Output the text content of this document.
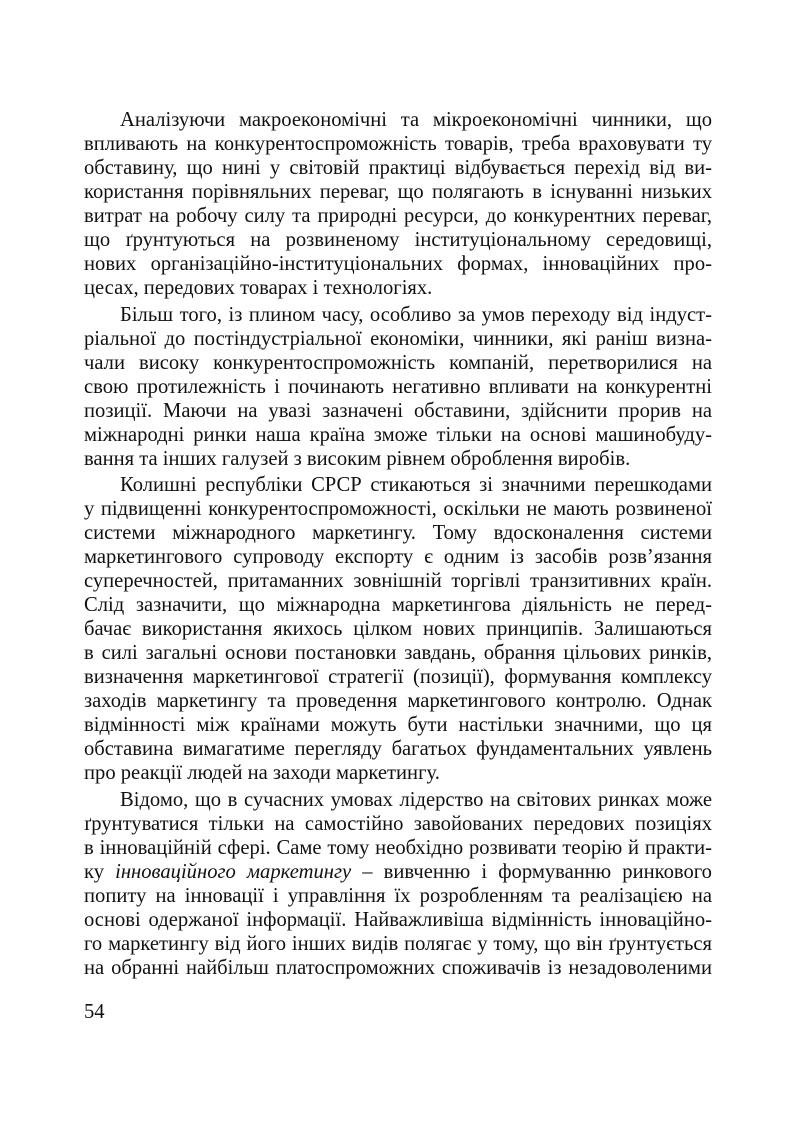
Аналізуючи макроекономічні та мікроекономічні чинники, що
впливають на конкурентоспроможність товарів, треба враховувати ту
обставину, що нині у світовій практиці відбувається перехід від ви-
користання порівняльних переваг, що полягають в існуванні низьких
витрат на робочу силу та природні ресурси, до конкурентних переваг,
що ґрунтуються на розвиненому інституціональному середовищі,
нових організаційно-інституціональних формах, інноваційних про-
цесах, передових товарах і технологіях.
Більш того, із плином часу, особливо за умов переходу від індуст-
ріальної до постіндустріальної економіки, чинники, які раніш визна-
чали високу конкурентоспроможність компаній, перетворилися на
свою протилежність і починають негативно впливати на конкурентні
позиції. Маючи на увазі зазначені обставини, здійснити прорив на
міжнародні ринки наша країна зможе тільки на основі машинобуду-
вання та інших галузей з високим рівнем оброблення виробів.
Колишні республіки СРСР стикаються зі значними перешкодами
у підвищенні конкурентоспроможності, оскільки не мають розвиненої
системи міжнародного маркетингу. Тому вдосконалення системи
маркетингового супроводу експорту є одним із засобів розв’язання
суперечностей, притаманних зовнішній торгівлі транзитивних країн.
Слід зазначити, що міжнародна маркетингова діяльність не перед-
бачає використання якихось цілком нових принципів. Залишаються
в силі загальні основи постановки завдань, обрання цільових ринків,
визначення маркетингової стратегії (позиції), формування комплексу
заходів маркетингу та проведення маркетингового контролю. Однак
відмінності між країнами можуть бути настільки значними, що ця
обставина вимагатиме перегляду багатьох фундаментальних уявлень
про реакції людей на заходи маркетингу.
Відомо, що в сучасних умовах лідерство на світових ринках може
ґрунтуватися тільки на самостійно завойованих передових позиціях
в інноваційній сфері. Саме тому необхідно розвивати теорію й практи-
ку інноваційного маркетингу – вивченню і формуванню ринкового
попиту на інновації і управління їх розробленням та реалізацією на
основі одержаної інформації. Найважливіша відмінність інноваційно-
го маркетингу від його інших видів полягає у тому, що він ґрунтується
на обранні найбільш платоспроможних споживачів із незадоволеними
54
